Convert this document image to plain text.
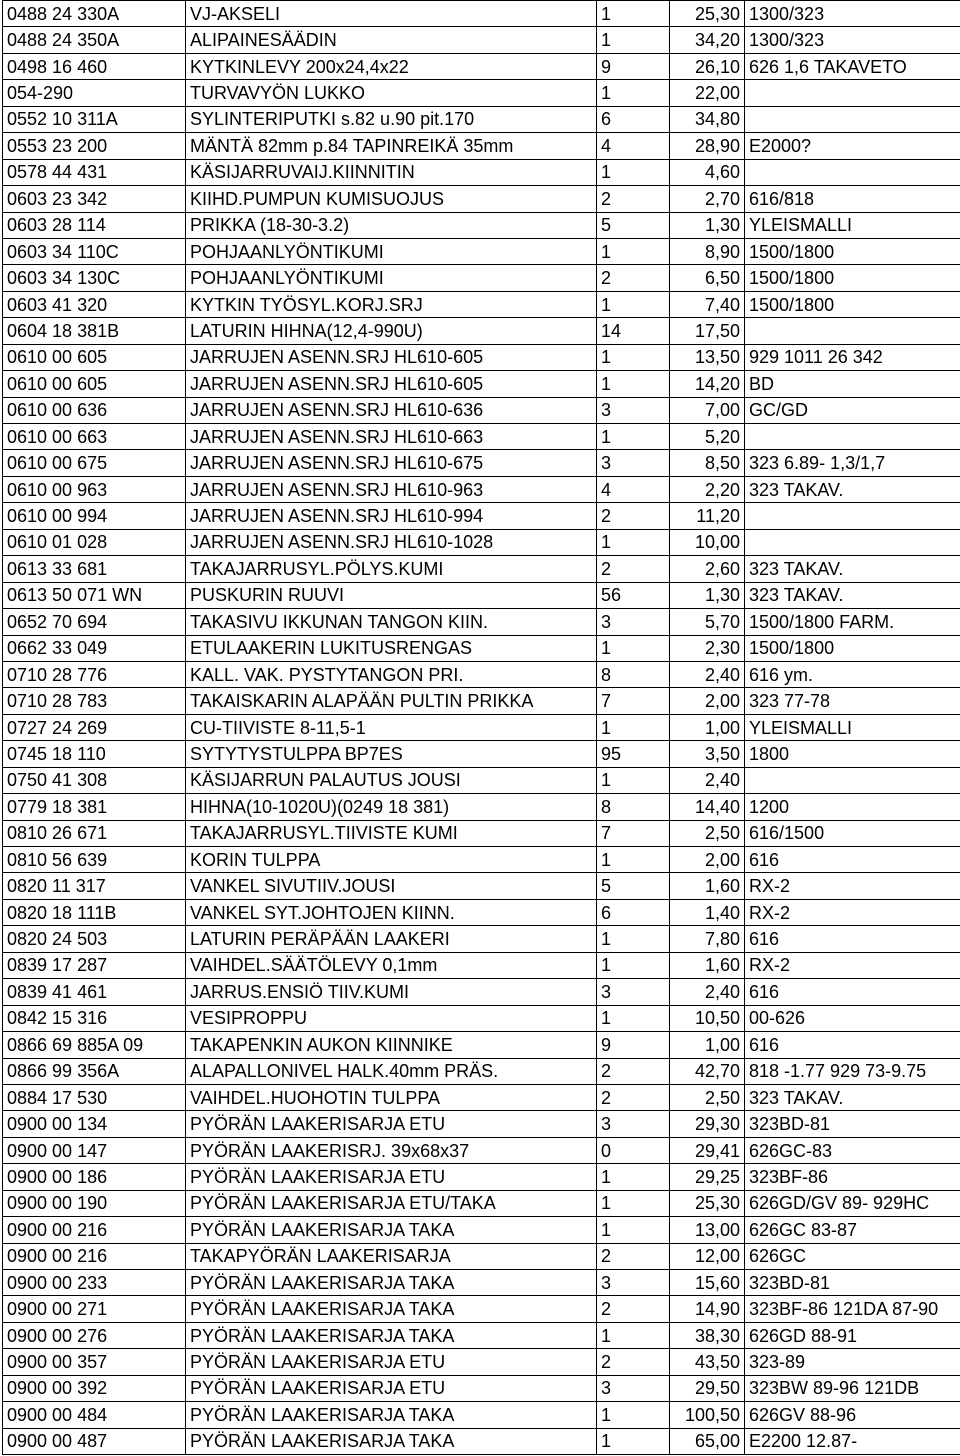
0488 24 330A	VJ-AKSELI	1	25,30	1300/323
0488 24 350A	ALIPAINESÄÄDIN	1	34,20	1300/323
0498 16 460	KYTKINLEVY 200x24,4x22	9	26,10	626 1,6 TAKAVETO
054-290	TURVAVYÖN LUKKO	1	22,00	
0552 10 311A	SYLINTERIPUTKI s.82 u.90 pit.170	6	34,80	
0553 23 200	MÄNTÄ 82mm p.84 TAPINREIKÄ 35mm	4	28,90	E2000?
0578 44 431	KÄSIJARRUVAIJ.KIINNITIN	1	4,60	
0603 23 342	KIIHD.PUMPUN KUMISUOJUS	2	2,70	616/818
0603 28 114	PRIKKA (18-30-3.2)	5	1,30	YLEISMALLI
0603 34 110C	POHJAANLYÖNTIKUMI	1	8,90	1500/1800
0603 34 130C	POHJAANLYÖNTIKUMI	2	6,50	1500/1800
0603 41 320	KYTKIN TYÖSYL.KORJ.SRJ	1	7,40	1500/1800
0604 18 381B	LATURIN HIHNA(12,4-990U)	14	17,50	
0610 00 605	JARRUJEN ASENN.SRJ HL610-605	1	13,50	929 1011 26 342
0610 00 605	JARRUJEN ASENN.SRJ HL610-605	1	14,20	BD
0610 00 636	JARRUJEN ASENN.SRJ HL610-636	3	7,00	GC/GD
0610 00 663	JARRUJEN ASENN.SRJ HL610-663	1	5,20	
0610 00 675	JARRUJEN ASENN.SRJ HL610-675	3	8,50	323 6.89- 1,3/1,7
0610 00 963	JARRUJEN ASENN.SRJ HL610-963	4	2,20	323 TAKAV.
0610 00 994	JARRUJEN ASENN.SRJ HL610-994	2	11,20	
0610 01 028	JARRUJEN ASENN.SRJ HL610-1028	1	10,00	
0613 33 681	TAKAJARRUSYL.PÖLYS.KUMI	2	2,60	323 TAKAV.
0613 50 071 WN	PUSKURIN RUUVI	56	1,30	323 TAKAV.
0652 70 694	TAKASIVU IKKUNAN TANGON KIIN.	3	5,70	1500/1800 FARM.
0662 33 049	ETULAAKERIN LUKITUSRENGAS	1	2,30	1500/1800
0710 28 776	KALL. VAK. PYSTYTANGON PRI.	8	2,40	616 ym.
0710 28 783	TAKAISKARIN ALAPÄÄN PULTIN PRIKKA	7	2,00	323 77-78
0727 24 269	CU-TIIVISTE 8-11,5-1	1	1,00	YLEISMALLI
0745 18 110	SYTYTYSTULPPA BP7ES	95	3,50	1800
0750 41 308	KÄSIJARRUN PALAUTUS JOUSI	1	2,40	
0779 18 381	HIHNA(10-1020U)(0249 18 381)	8	14,40	1200
0810 26 671	TAKAJARRUSYL.TIIVISTE KUMI	7	2,50	616/1500
0810 56 639	KORIN TULPPA	1	2,00	616
0820 11 317	VANKEL SIVUTIIV.JOUSI	5	1,60	RX-2
0820 18 111B	VANKEL SYT.JOHTOJEN KIINN.	6	1,40	RX-2
0820 24 503	LATURIN PERÄPÄÄN LAAKERI	1	7,80	616
0839 17 287	VAIHDEL.SÄÄTÖLEVY 0,1mm	1	1,60	RX-2
0839 41 461	JARRUS.ENSIÖ TIIV.KUMI	3	2,40	616
0842 15 316	VESIPROPPU	1	10,50	00-626
0866 69 885A 09	TAKAPENKIN AUKON KIINNIKE	9	1,00	616
0866 99 356A	ALAPALLONIVEL HALK.40mm PRÄS.	2	42,70	818 -1.77 929 73-9.75
0884 17 530	VAIHDEL.HUOHOTIN TULPPA	2	2,50	323 TAKAV.
0900 00 134	PYÖRÄN LAAKERISARJA ETU	3	29,30	323BD-81
0900 00 147	PYÖRÄN LAAKERISRJ. 39x68x37	0	29,41	626GC-83
0900 00 186	PYÖRÄN LAAKERISARJA ETU	1	29,25	323BF-86
0900 00 190	PYÖRÄN LAAKERISARJA ETU/TAKA	1	25,30	626GD/GV 89- 929HC
0900 00 216	PYÖRÄN LAAKERISARJA TAKA	1	13,00	626GC 83-87
0900 00 216	TAKAPYÖRÄN LAAKERISARJA	2	12,00	626GC
0900 00 233	PYÖRÄN LAAKERISARJA TAKA	3	15,60	323BD-81
0900 00 271	PYÖRÄN LAAKERISARJA TAKA	2	14,90	323BF-86 121DA 87-90
0900 00 276	PYÖRÄN LAAKERISARJA TAKA	1	38,30	626GD 88-91
0900 00 357	PYÖRÄN LAAKERISARJA ETU	2	43,50	323-89
0900 00 392	PYÖRÄN LAAKERISARJA ETU	3	29,50	323BW 89-96 121DB
0900 00 484	PYÖRÄN LAAKERISARJA TAKA	1	100,50	626GV 88-96
0900 00 487	PYÖRÄN LAAKERISARJA TAKA	1	65,00	E2200 12.87-
